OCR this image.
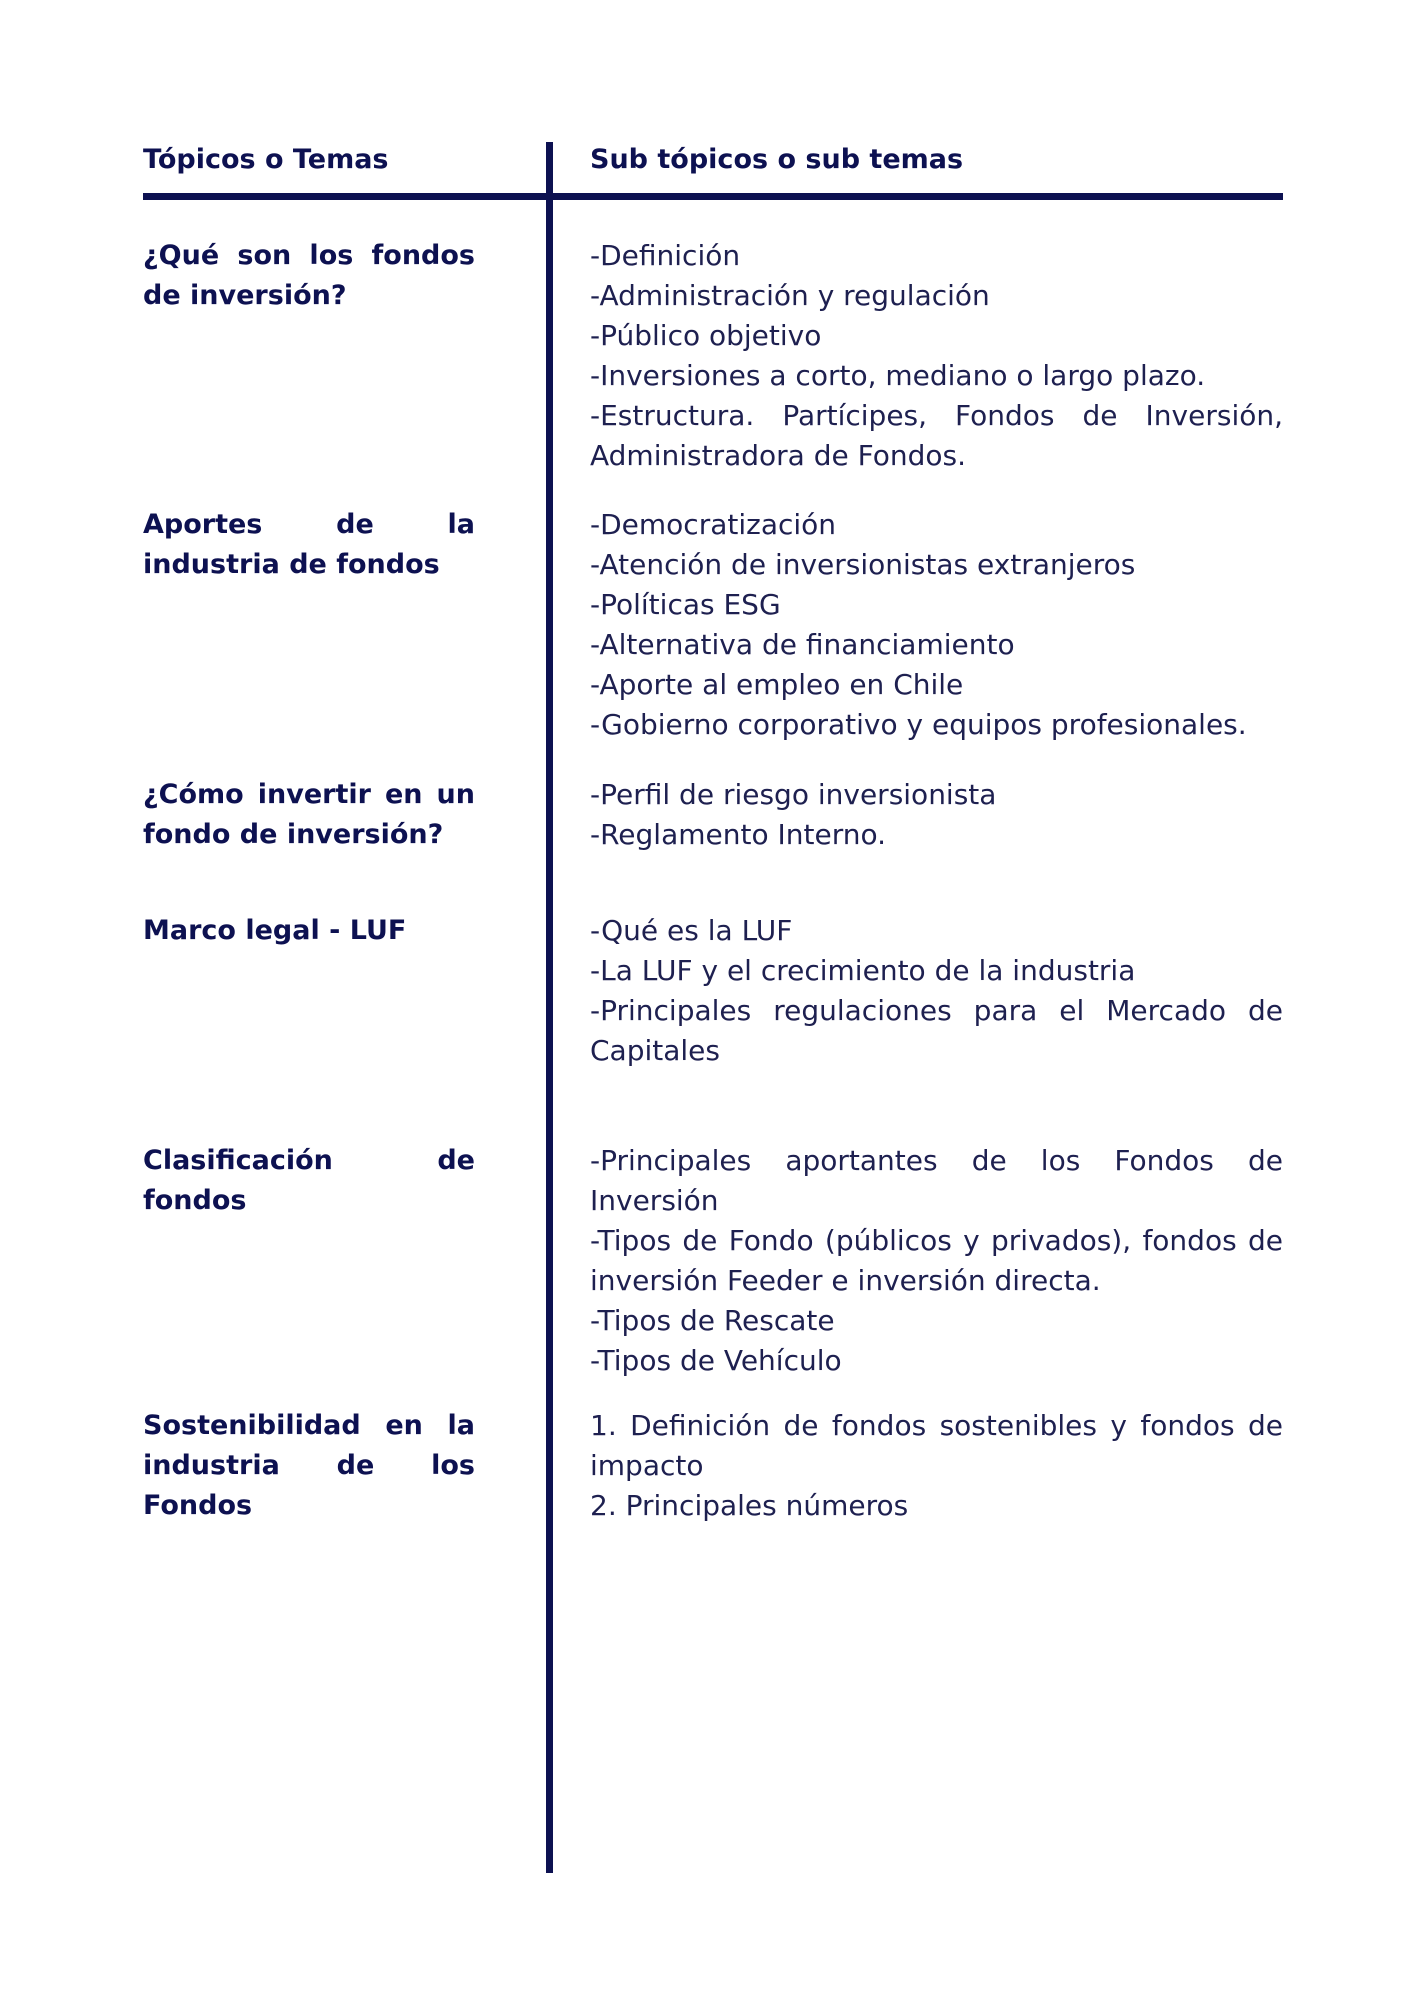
Tópicos o Temas	Sub tópicos o sub temas
¿Qué son los fondos de inversión?
-Definición
-Administración y regulación
-Público objetivo
-Inversiones a corto, mediano o largo plazo.
-Estructura. Partícipes, Fondos de Inversión, Administradora de Fondos.
Aportes de la industria de fondos
-Democratización
-Atención de inversionistas extranjeros
-Políticas ESG
-Alternativa de financiamiento
-Aporte al empleo en Chile
-Gobierno corporativo y equipos profesionales.
¿Cómo invertir en un fondo de inversión?
-Perfil de riesgo inversionista
-Reglamento Interno.
Marco legal - LUF	-Qué es la LUF
-La LUF y el crecimiento de la industria
-Principales regulaciones para el Mercado de Capitales
Clasificación de fondos
-Principales aportantes de los Fondos de Inversión
-Tipos de Fondo (públicos y privados), fondos de inversión Feeder e inversión directa.
-Tipos de Rescate
-Tipos de Vehículo
Sostenibilidad en la industria de los Fondos
1. Definición de fondos sostenibles y fondos de impacto
2. Principales números
